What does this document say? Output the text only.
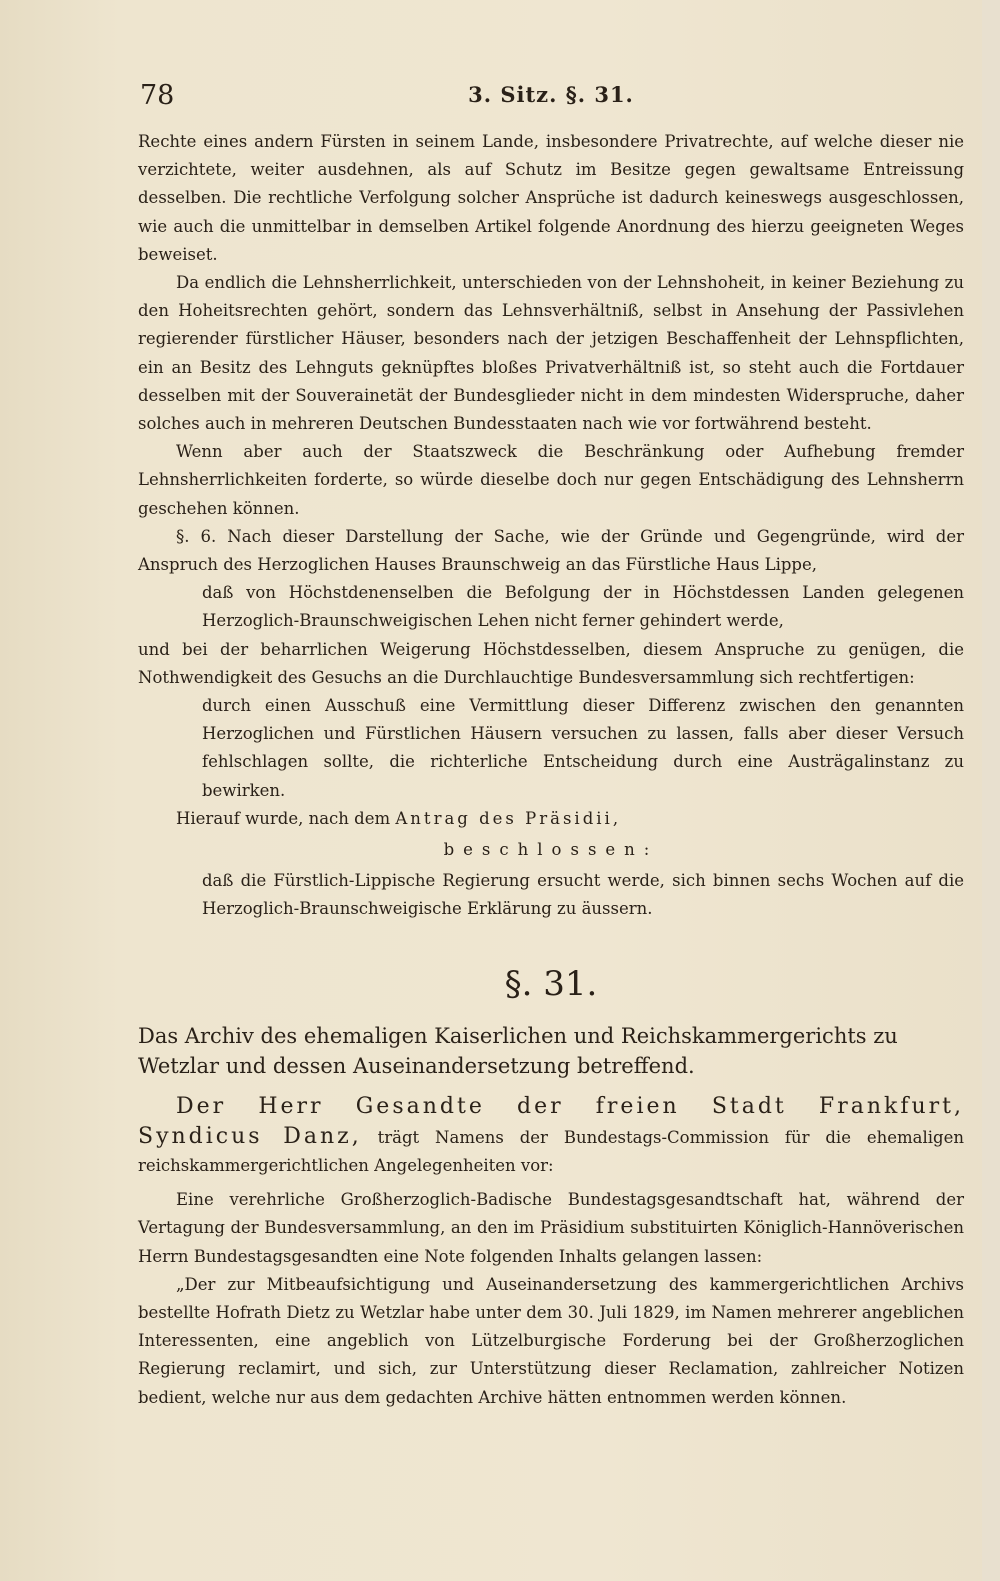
78	3. Sitz. §. 31.

Rechte eines andern Fürsten in seinem Lande, insbesondere Privatrechte, auf welche dieser nie verzichtete, weiter ausdehnen, als auf Schutz im Besitze gegen gewaltsame Entreissung desselben. Die rechtliche Verfolgung solcher Ansprüche ist dadurch keineswegs ausgeschlossen, wie auch die unmittelbar in demselben Artikel folgende Anordnung des hierzu geeigneten Weges beweiset.

Da endlich die Lehnsherrlichkeit, unterschieden von der Lehnshoheit, in keiner Beziehung zu den Hoheitsrechten gehört, sondern das Lehnsverhältniß, selbst in Ansehung der Passivlehen regierender fürstlicher Häuser, besonders nach der jetzigen Beschaffenheit der Lehnspflichten, ein an Besitz des Lehnguts geknüpftes bloßes Privatverhältniß ist, so steht auch die Fortdauer desselben mit der Souverainetät der Bundesglieder nicht in dem mindesten Widerspruche, daher solches auch in mehreren Deutschen Bundesstaaten nach wie vor fortwährend besteht.

Wenn aber auch der Staatszweck die Beschränkung oder Aufhebung fremder Lehnsherrlichkeiten forderte, so würde dieselbe doch nur gegen Entschädigung des Lehnsherrn geschehen können.

§. 6. Nach dieser Darstellung der Sache, wie der Gründe und Gegengründe, wird der Anspruch des Herzoglichen Hauses Braunschweig an das Fürstliche Haus Lippe,

daß von Höchstdenenselben die Befolgung der in Höchstdessen Landen gelegenen Herzoglich-Braunschweigischen Lehen nicht ferner gehindert werde,

und bei der beharrlichen Weigerung Höchstdesselben, diesem Anspruche zu genügen, die Nothwendigkeit des Gesuchs an die Durchlauchtige Bundesversammlung sich rechtfertigen:

durch einen Ausschuß eine Vermittlung dieser Differenz zwischen den genannten Herzoglichen und Fürstlichen Häusern versuchen zu lassen, falls aber dieser Versuch fehlschlagen sollte, die richterliche Entscheidung durch eine Austrägalinstanz zu bewirken.

Hierauf wurde, nach dem Antrag des Präsidii,

beschlossen:

daß die Fürstlich-Lippische Regierung ersucht werde, sich binnen sechs Wochen auf die Herzoglich-Braunschweigische Erklärung zu äussern.

§. 31.

Das Archiv des ehemaligen Kaiserlichen und Reichskammergerichts zu Wetzlar und dessen Auseinandersetzung betreffend.

Der Herr Gesandte der freien Stadt Frankfurt, Syndicus Danz, trägt Namens der Bundestags-Commission für die ehemaligen reichskammergerichtlichen Angelegenheiten vor:

Eine verehrliche Großherzoglich-Badische Bundestagsgesandtschaft hat, während der Vertagung der Bundesversammlung, an den im Präsidium substituirten Königlich-Hannöverischen Herrn Bundestagsgesandten eine Note folgenden Inhalts gelangen lassen:

„Der zur Mitbeaufsichtigung und Auseinandersetzung des kammergerichtlichen Archivs bestellte Hofrath Dietz zu Wetzlar habe unter dem 30. Juli 1829, im Namen mehrerer angeblichen Interessenten, eine angeblich von Lützelburgische Forderung bei der Großherzoglichen Regierung reclamirt, und sich, zur Unterstützung dieser Reclamation, zahlreicher Notizen bedient, welche nur aus dem gedachten Archive hätten entnommen werden können.
